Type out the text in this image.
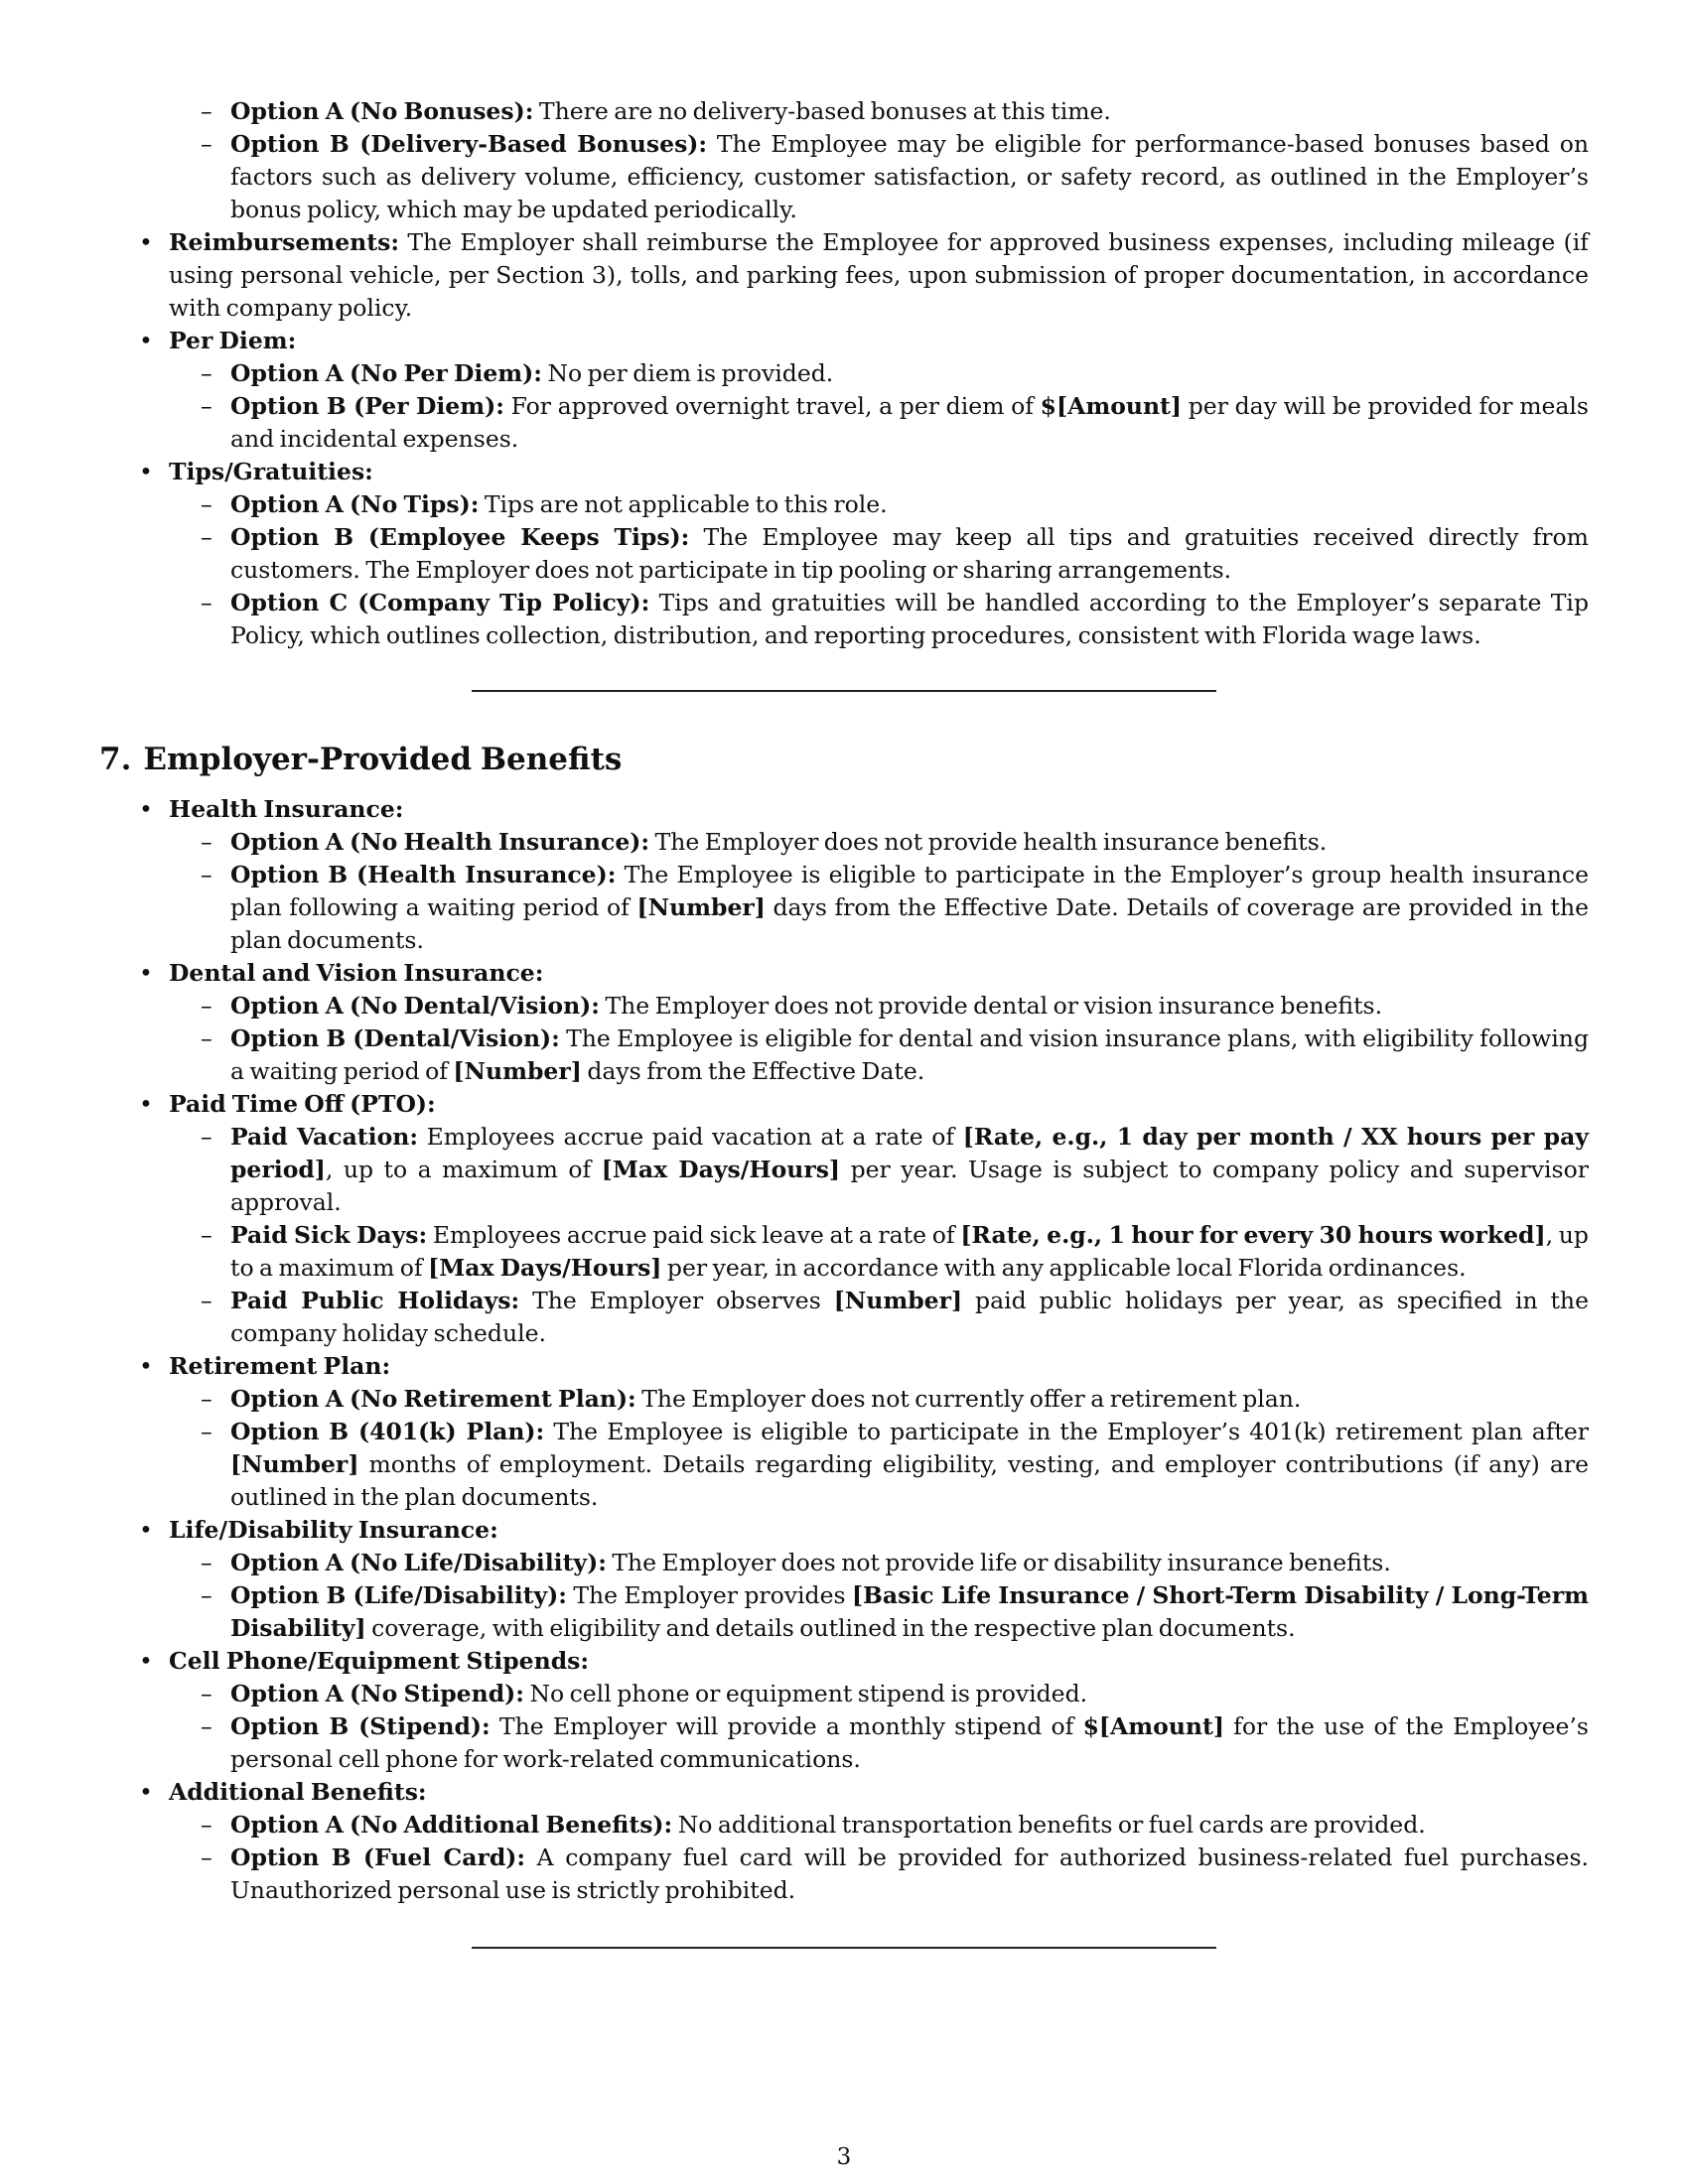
– Option A (No Bonuses): There are no delivery-based bonuses at this time.
– Option B (Delivery-Based Bonuses): The Employee may be eligible for performance-based bonuses based on factors such as delivery volume, efficiency, customer satisfaction, or safety record, as outlined in the Employer’s bonus policy, which may be updated periodically.
• Reimbursements: The Employer shall reimburse the Employee for approved business expenses, including mileage (if using personal vehicle, per Section 3), tolls, and parking fees, upon submission of proper documentation, in accordance with company policy.
• Per Diem:
– Option A (No Per Diem): No per diem is provided.
– Option B (Per Diem): For approved overnight travel, a per diem of $[Amount] per day will be provided for meals and incidental expenses.
• Tips/Gratuities:
– Option A (No Tips): Tips are not applicable to this role.
– Option B (Employee Keeps Tips): The Employee may keep all tips and gratuities received directly from customers. The Employer does not participate in tip pooling or sharing arrangements.
– Option C (Company Tip Policy): Tips and gratuities will be handled according to the Employer’s separate Tip Policy, which outlines collection, distribution, and reporting procedures, consistent with Florida wage laws.
7. Employer-Provided Benefits
• Health Insurance:
– Option A (No Health Insurance): The Employer does not provide health insurance benefits.
– Option B (Health Insurance): The Employee is eligible to participate in the Employer’s group health insurance plan following a waiting period of [Number] days from the Effective Date. Details of coverage are provided in the plan documents.
• Dental and Vision Insurance:
– Option A (No Dental/Vision): The Employer does not provide dental or vision insurance benefits.
– Option B (Dental/Vision): The Employee is eligible for dental and vision insurance plans, with eligibility following a waiting period of [Number] days from the Effective Date.
• Paid Time Off (PTO):
– Paid Vacation: Employees accrue paid vacation at a rate of [Rate, e.g., 1 day per month / XX hours per pay period], up to a maximum of [Max Days/Hours] per year. Usage is subject to company policy and supervisor approval.
– Paid Sick Days: Employees accrue paid sick leave at a rate of [Rate, e.g., 1 hour for every 30 hours worked], up to a maximum of [Max Days/Hours] per year, in accordance with any applicable local Florida ordinances.
– Paid Public Holidays: The Employer observes [Number] paid public holidays per year, as specified in the company holiday schedule.
• Retirement Plan:
– Option A (No Retirement Plan): The Employer does not currently offer a retirement plan.
– Option B (401(k) Plan): The Employee is eligible to participate in the Employer’s 401(k) retirement plan after [Number] months of employment. Details regarding eligibility, vesting, and employer contributions (if any) are outlined in the plan documents.
• Life/Disability Insurance:
– Option A (No Life/Disability): The Employer does not provide life or disability insurance benefits.
– Option B (Life/Disability): The Employer provides [Basic Life Insurance / Short-Term Disability / Long-Term Disability] coverage, with eligibility and details outlined in the respective plan documents.
• Cell Phone/Equipment Stipends:
– Option A (No Stipend): No cell phone or equipment stipend is provided.
– Option B (Stipend): The Employer will provide a monthly stipend of $[Amount] for the use of the Employee’s personal cell phone for work-related communications.
• Additional Benefits:
– Option A (No Additional Benefits): No additional transportation benefits or fuel cards are provided.
– Option B (Fuel Card): A company fuel card will be provided for authorized business-related fuel purchases. Unauthorized personal use is strictly prohibited.
3
